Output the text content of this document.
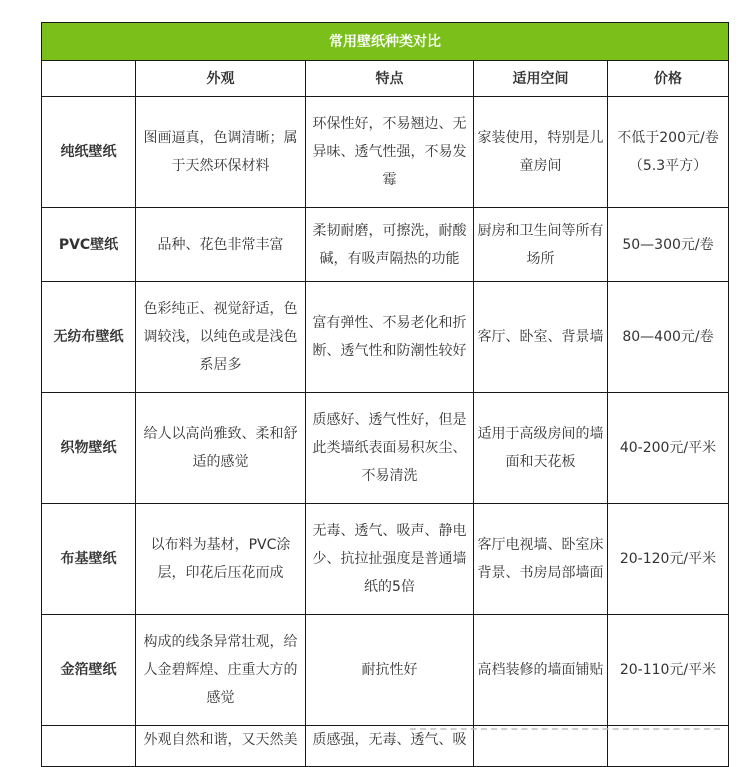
常用壁纸种类对比				
	外观	特点	适用空间	价格
纯纸壁纸	图画逼真，色调清晰；属于天然环保材料	环保性好，不易翘边、无异味、透气性强，不易发霉	家装使用，特别是儿童房间	不低于200元/卷（5.3平方）
PVC壁纸	品种、花色非常丰富	柔韧耐磨，可擦洗，耐酸碱，有吸声隔热的功能	厨房和卫生间等所有场所	50—300元/卷
无纺布壁纸	色彩纯正、视觉舒适，色调较浅，以纯色或是浅色系居多	富有弹性、不易老化和折断、透气性和防潮性较好	客厅、卧室、背景墙	80—400元/卷
织物壁纸	给人以高尚雅致、柔和舒适的感觉	质感好、透气性好，但是此类墙纸表面易积灰尘、不易清洗	适用于高级房间的墙面和天花板	40-200元/平米
布基壁纸	以布料为基材，PVC涂层，印花后压花而成	无毒、透气、吸声、静电少、抗拉扯强度是普通墙纸的5倍	客厅电视墙、卧室床背景、书房局部墙面	20-120元/平米
金箔壁纸	构成的线条异常壮观，给人金碧辉煌、庄重大方的感觉	耐抗性好	高档装修的墙面铺贴	20-110元/平米
	外观自然和谐，又天然美	质感强，无毒、透气、吸		
